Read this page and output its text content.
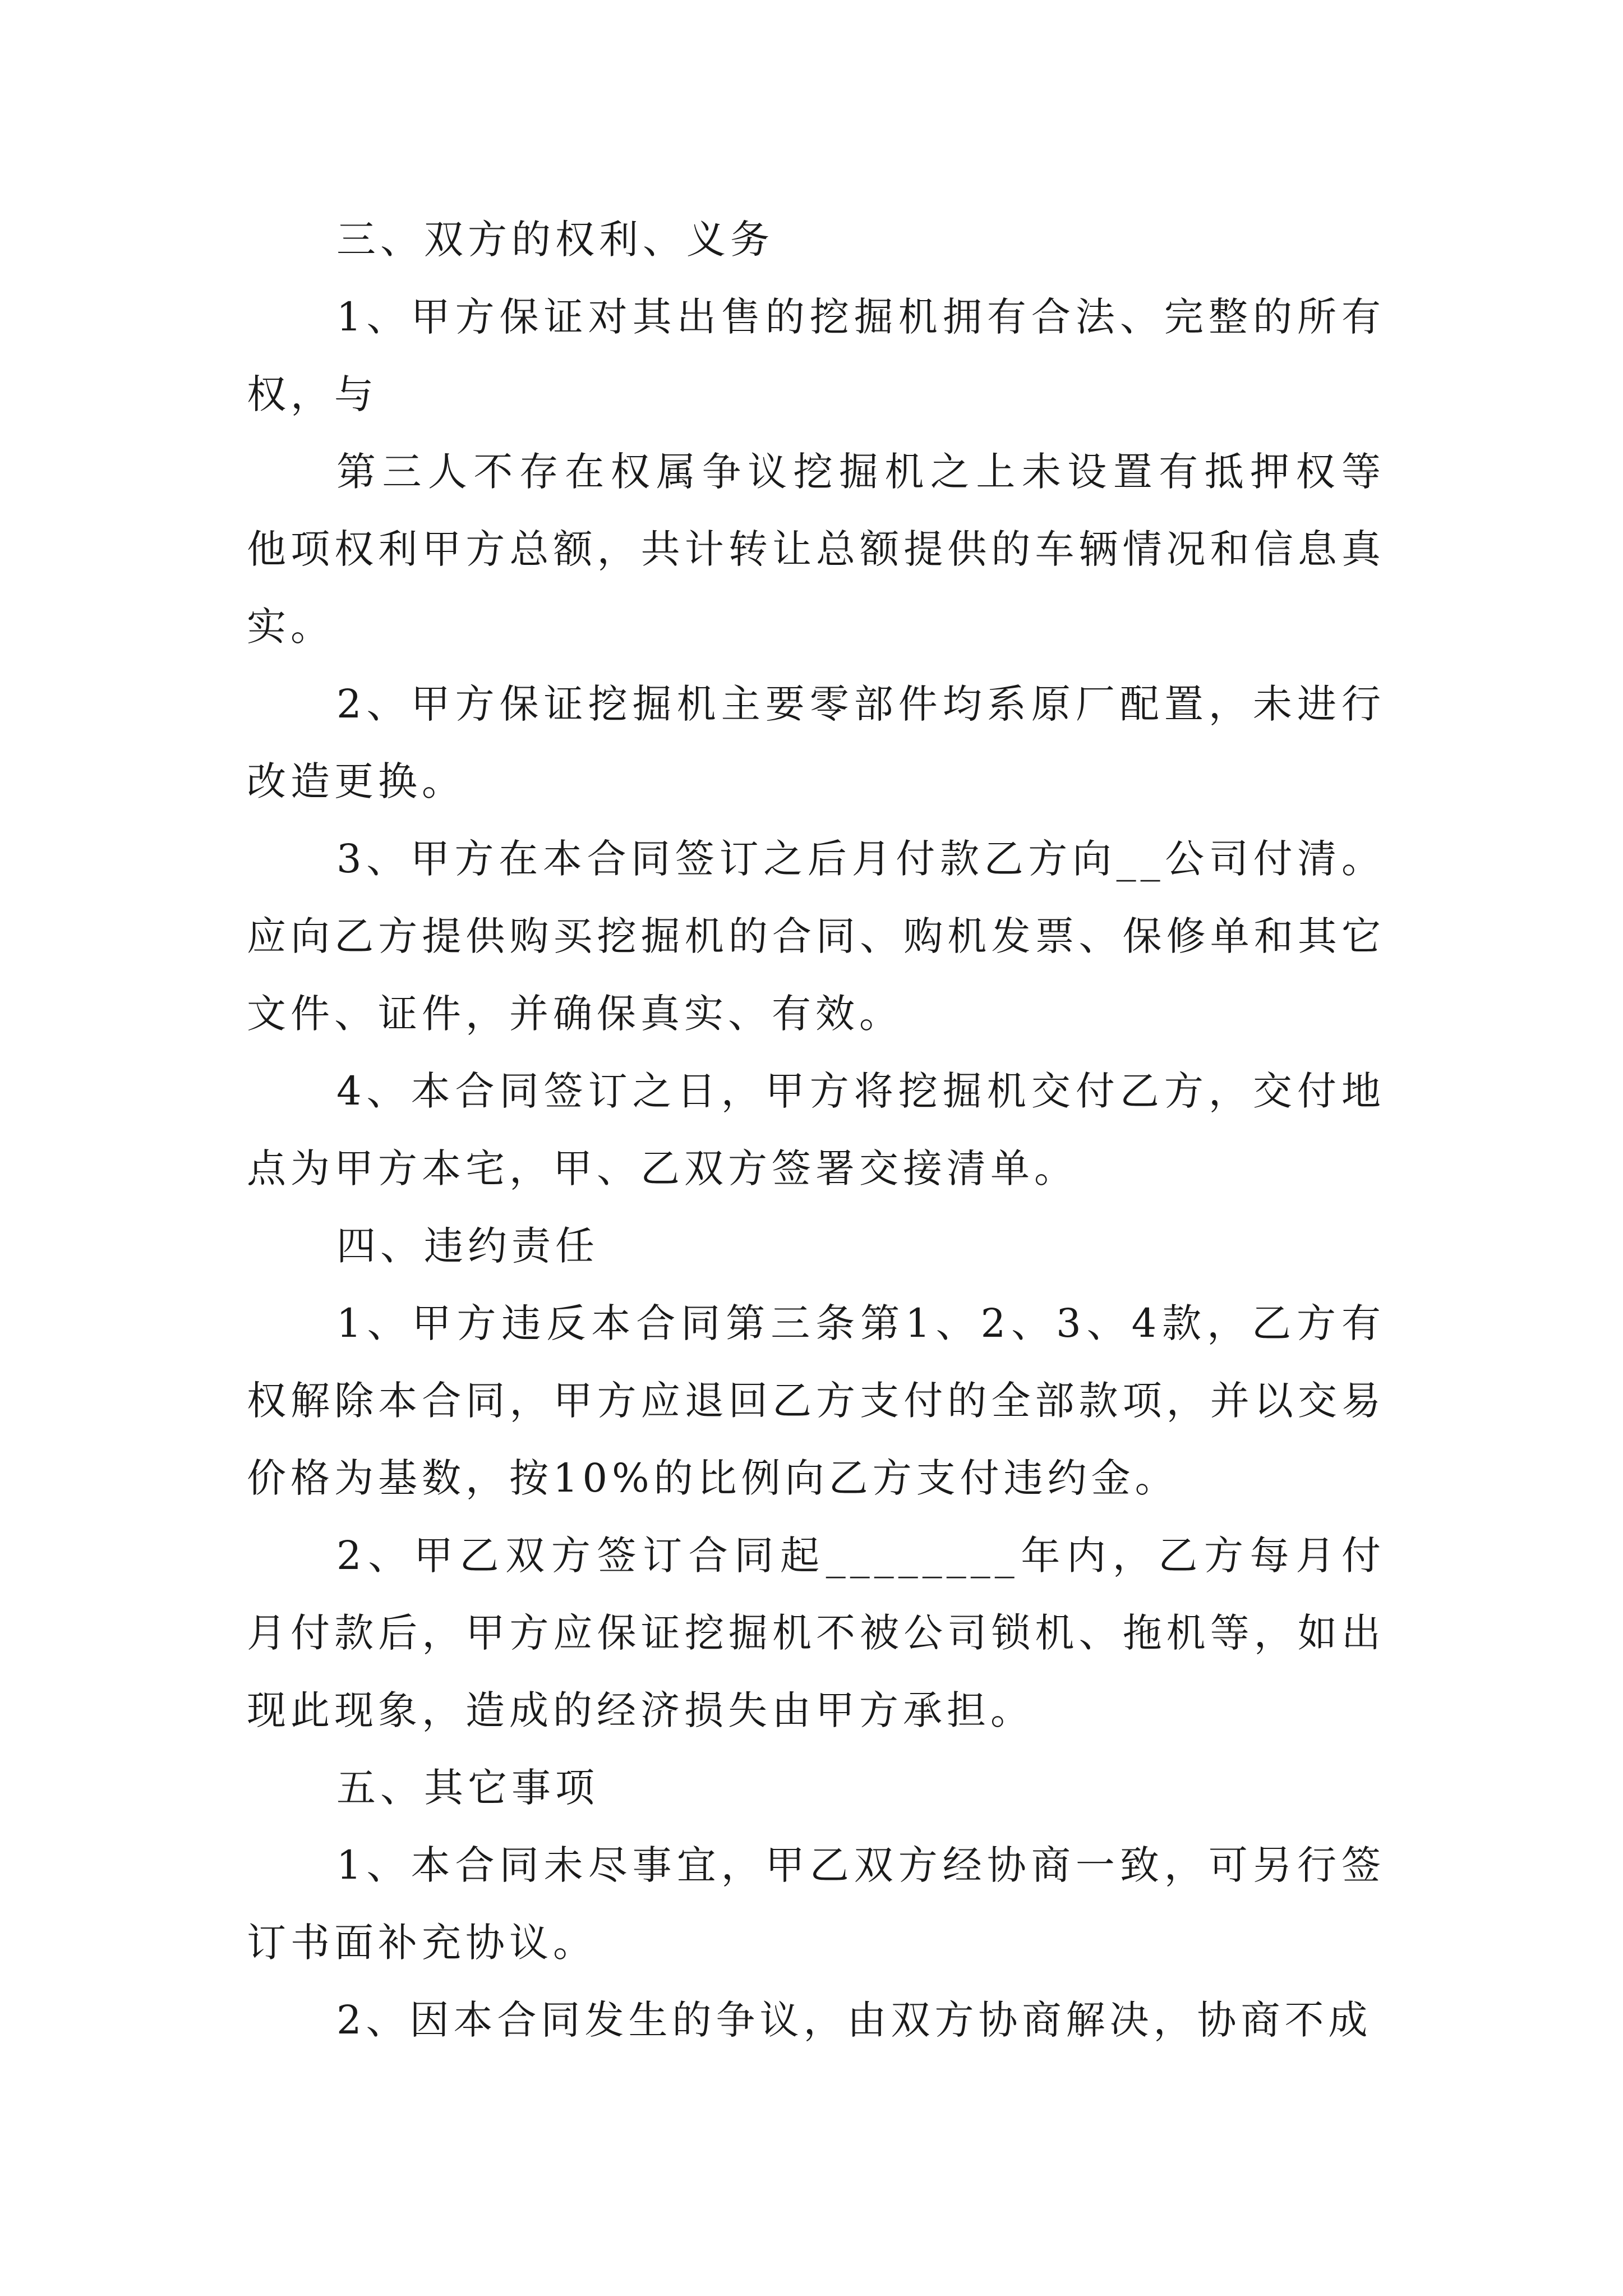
三、双方的权利、义务

1、甲方保证对其出售的挖掘机拥有合法、完整的所有权，与

第三人不存在权属争议挖掘机之上未设置有抵押权等他项权利甲方总额，共计转让总额提供的车辆情况和信息真实。

2、甲方保证挖掘机主要零部件均系原厂配置，未进行改造更换。

3、甲方在本合同签订之后月付款乙方向__公司付清。应向乙方提供购买挖掘机的合同、购机发票、保修单和其它文件、证件，并确保真实、有效。

4、本合同签订之日，甲方将挖掘机交付乙方，交付地点为甲方本宅，甲、乙双方签署交接清单。

四、违约责任

1、甲方违反本合同第三条第1、2、3、4款，乙方有权解除本合同，甲方应退回乙方支付的全部款项，并以交易价格为基数，按10%的比例向乙方支付违约金。

2、甲乙双方签订合同起________年内，乙方每月付月付款后，甲方应保证挖掘机不被公司锁机、拖机等，如出现此现象，造成的经济损失由甲方承担。

五、其它事项

1、本合同未尽事宜，甲乙双方经协商一致，可另行签订书面补充协议。

2、因本合同发生的争议，由双方协商解决，协商不成
